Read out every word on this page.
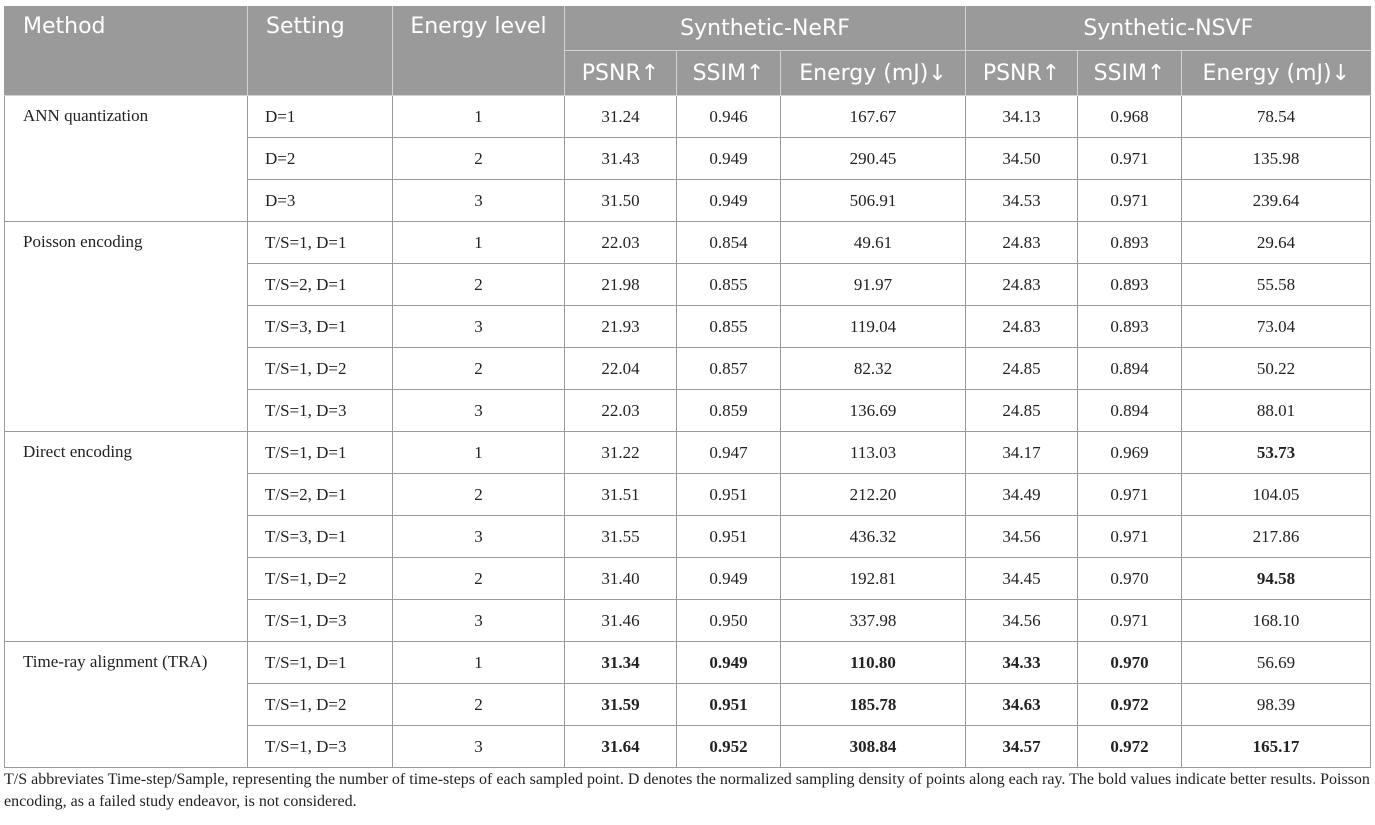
Method	Setting	Energy level	Synthetic-NeRF			Synthetic-NSVF		
			PSNR↑	SSIM↑	Energy (mJ)↓	PSNR↑	SSIM↑	Energy (mJ)↓
ANN quantization	D=1	1	31.24	0.946	167.67	34.13	0.968	78.54
	D=2	2	31.43	0.949	290.45	34.50	0.971	135.98
	D=3	3	31.50	0.949	506.91	34.53	0.971	239.64
Poisson encoding	T/S=1, D=1	1	22.03	0.854	49.61	24.83	0.893	29.64
	T/S=2, D=1	2	21.98	0.855	91.97	24.83	0.893	55.58
	T/S=3, D=1	3	21.93	0.855	119.04	24.83	0.893	73.04
	T/S=1, D=2	2	22.04	0.857	82.32	24.85	0.894	50.22
	T/S=1, D=3	3	22.03	0.859	136.69	24.85	0.894	88.01
Direct encoding	T/S=1, D=1	1	31.22	0.947	113.03	34.17	0.969	53.73
	T/S=2, D=1	2	31.51	0.951	212.20	34.49	0.971	104.05
	T/S=3, D=1	3	31.55	0.951	436.32	34.56	0.971	217.86
	T/S=1, D=2	2	31.40	0.949	192.81	34.45	0.970	94.58
	T/S=1, D=3	3	31.46	0.950	337.98	34.56	0.971	168.10
Time-ray alignment (TRA)	T/S=1, D=1	1	31.34	0.949	110.80	34.33	0.970	56.69
	T/S=1, D=2	2	31.59	0.951	185.78	34.63	0.972	98.39
	T/S=1, D=3	3	31.64	0.952	308.84	34.57	0.972	165.17
T/S abbreviates Time-step/Sample, representing the number of time-steps of each sampled point. D denotes the normalized sampling density of points along each ray. The bold values indicate better results. Poisson encoding, as a failed study endeavor, is not considered.
